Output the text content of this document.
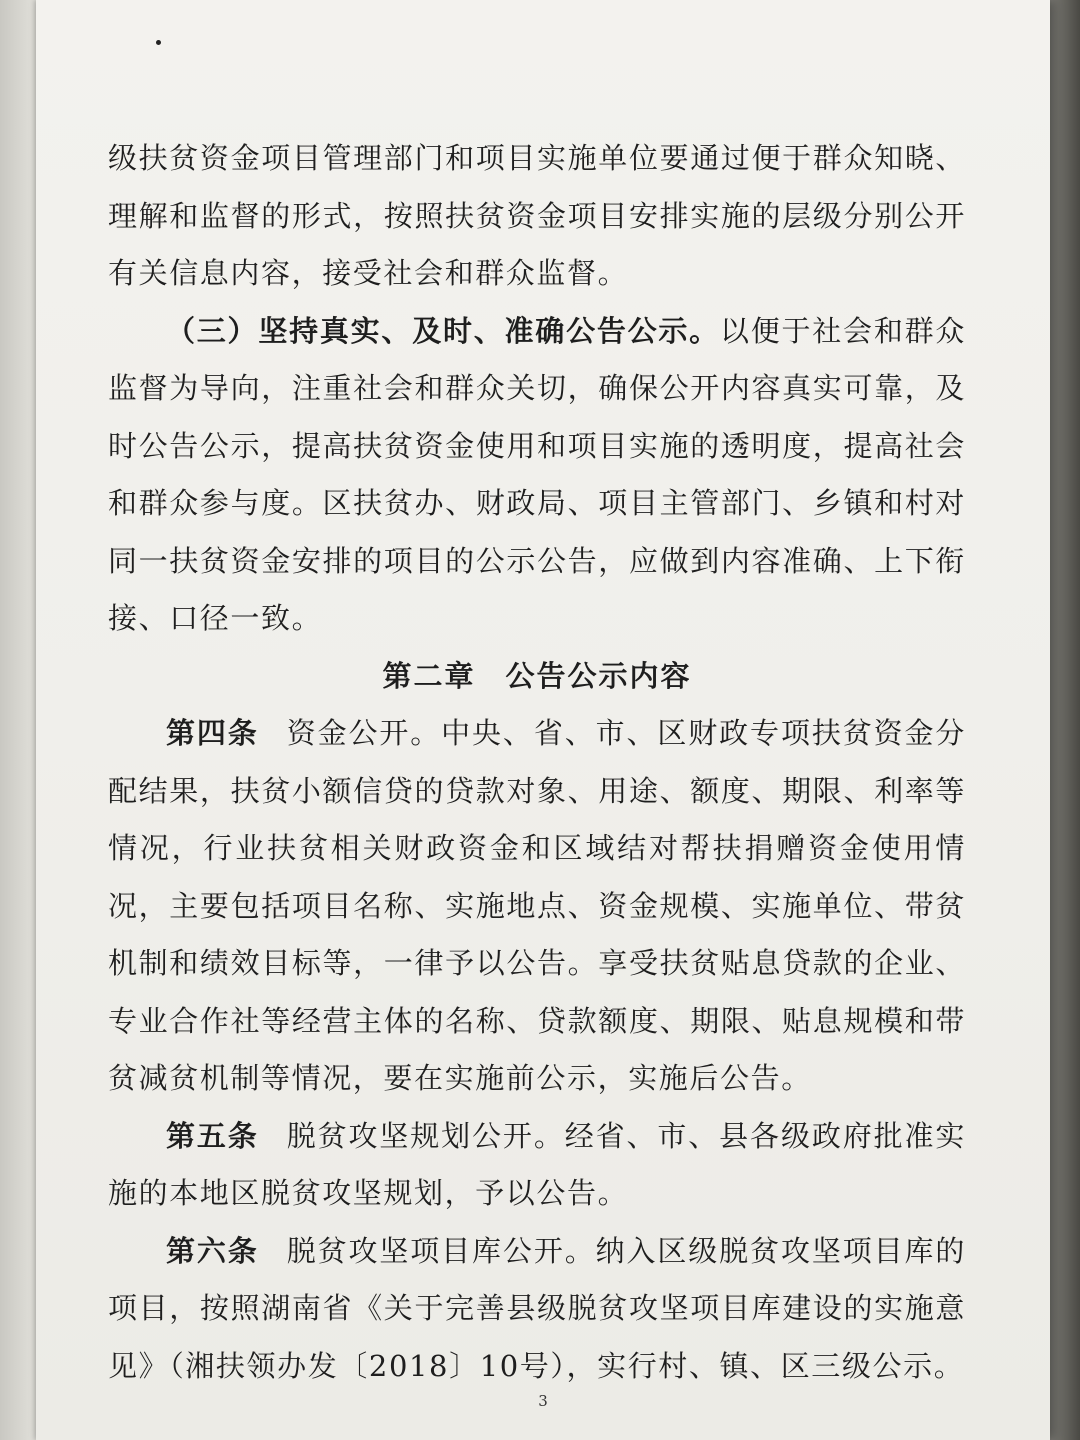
级扶贫资金项目管理部门和项目实施单位要通过便于群众知晓、理解和监督的形式，按照扶贫资金项目安排实施的层级分别公开有关信息内容，接受社会和群众监督。

（三）坚持真实、及时、准确公告公示。以便于社会和群众监督为导向，注重社会和群众关切，确保公开内容真实可靠，及时公告公示，提高扶贫资金使用和项目实施的透明度，提高社会和群众参与度。区扶贫办、财政局、项目主管部门、乡镇和村对同一扶贫资金安排的项目的公示公告，应做到内容准确、上下衔接、口径一致。

第二章 公告公示内容

第四条 资金公开。中央、省、市、区财政专项扶贫资金分配结果，扶贫小额信贷的贷款对象、用途、额度、期限、利率等情况，行业扶贫相关财政资金和区域结对帮扶捐赠资金使用情况，主要包括项目名称、实施地点、资金规模、实施单位、带贫机制和绩效目标等，一律予以公告。享受扶贫贴息贷款的企业、专业合作社等经营主体的名称、贷款额度、期限、贴息规模和带贫减贫机制等情况，要在实施前公示，实施后公告。

第五条 脱贫攻坚规划公开。经省、市、县各级政府批准实施的本地区脱贫攻坚规划，予以公告。

第六条 脱贫攻坚项目库公开。纳入区级脱贫攻坚项目库的项目，按照湖南省《关于完善县级脱贫攻坚项目库建设的实施意见》（湘扶领办发〔2018〕10号），实行村、镇、区三级公示。

3
